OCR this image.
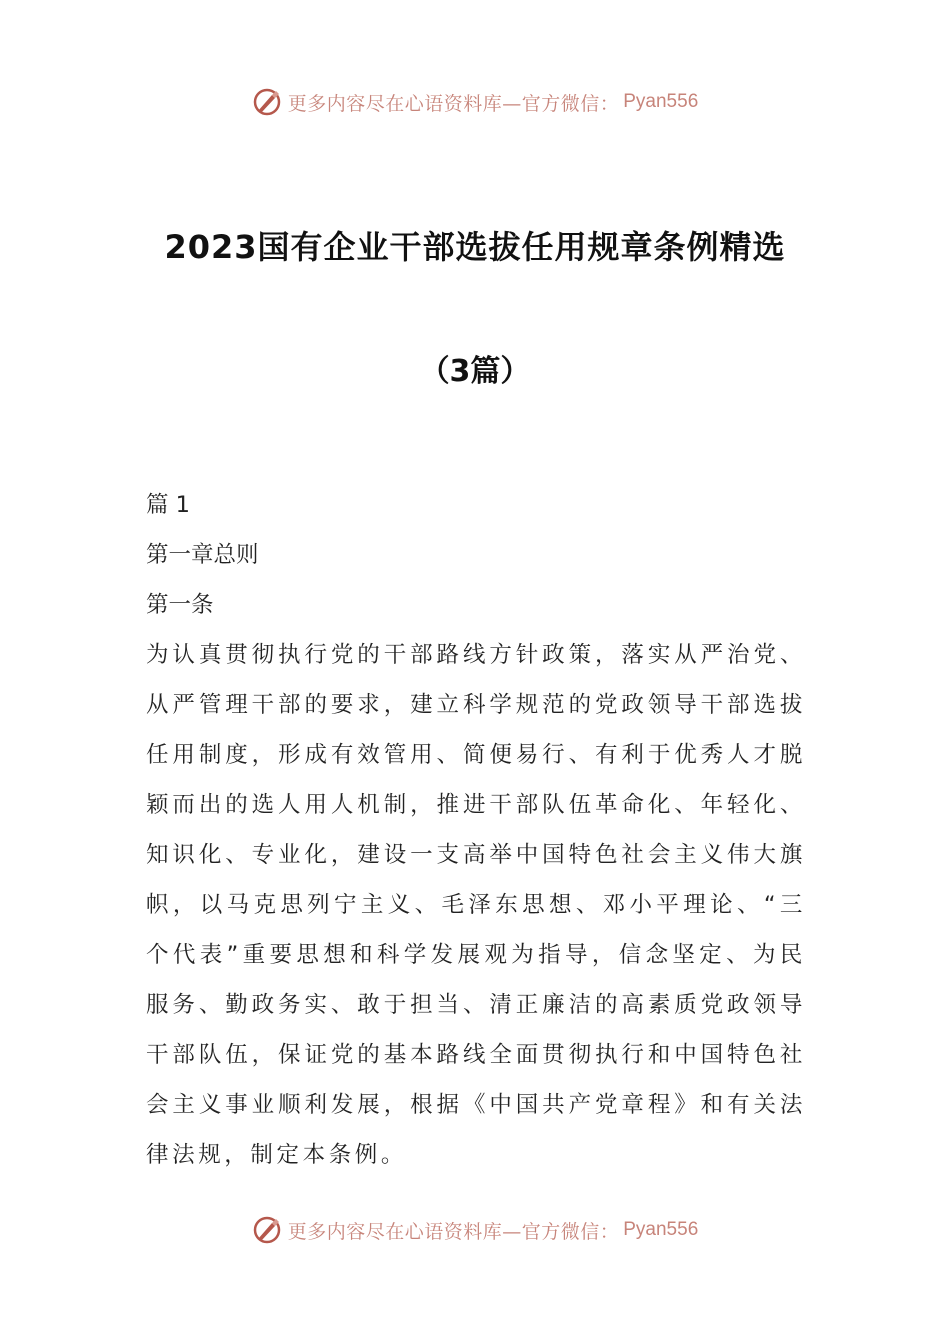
更多内容尽在心语资料库—官方微信： Pyan556
2023国有企业干部选拔任用规章条例精选
（3篇）
篇 1
第一章总则
第一条
为认真贯彻执行党的干部路线方针政策，落实从严治党、从严管理干部的要求，建立科学规范的党政领导干部选拔任用制度，形成有效管用、简便易行、有利于优秀人才脱颖而出的选人用人机制，推进干部队伍革命化、年轻化、知识化、专业化，建设一支高举中国特色社会主义伟大旗帜，以马克思列宁主义、毛泽东思想、邓小平理论、“三个代表”重要思想和科学发展观为指导，信念坚定、为民服务、勤政务实、敢于担当、清正廉洁的高素质党政领导干部队伍，保证党的基本路线全面贯彻执行和中国特色社会主义事业顺利发展，根据《中国共产党章程》和有关法律法规，制定本条例。
更多内容尽在心语资料库—官方微信： Pyan556
